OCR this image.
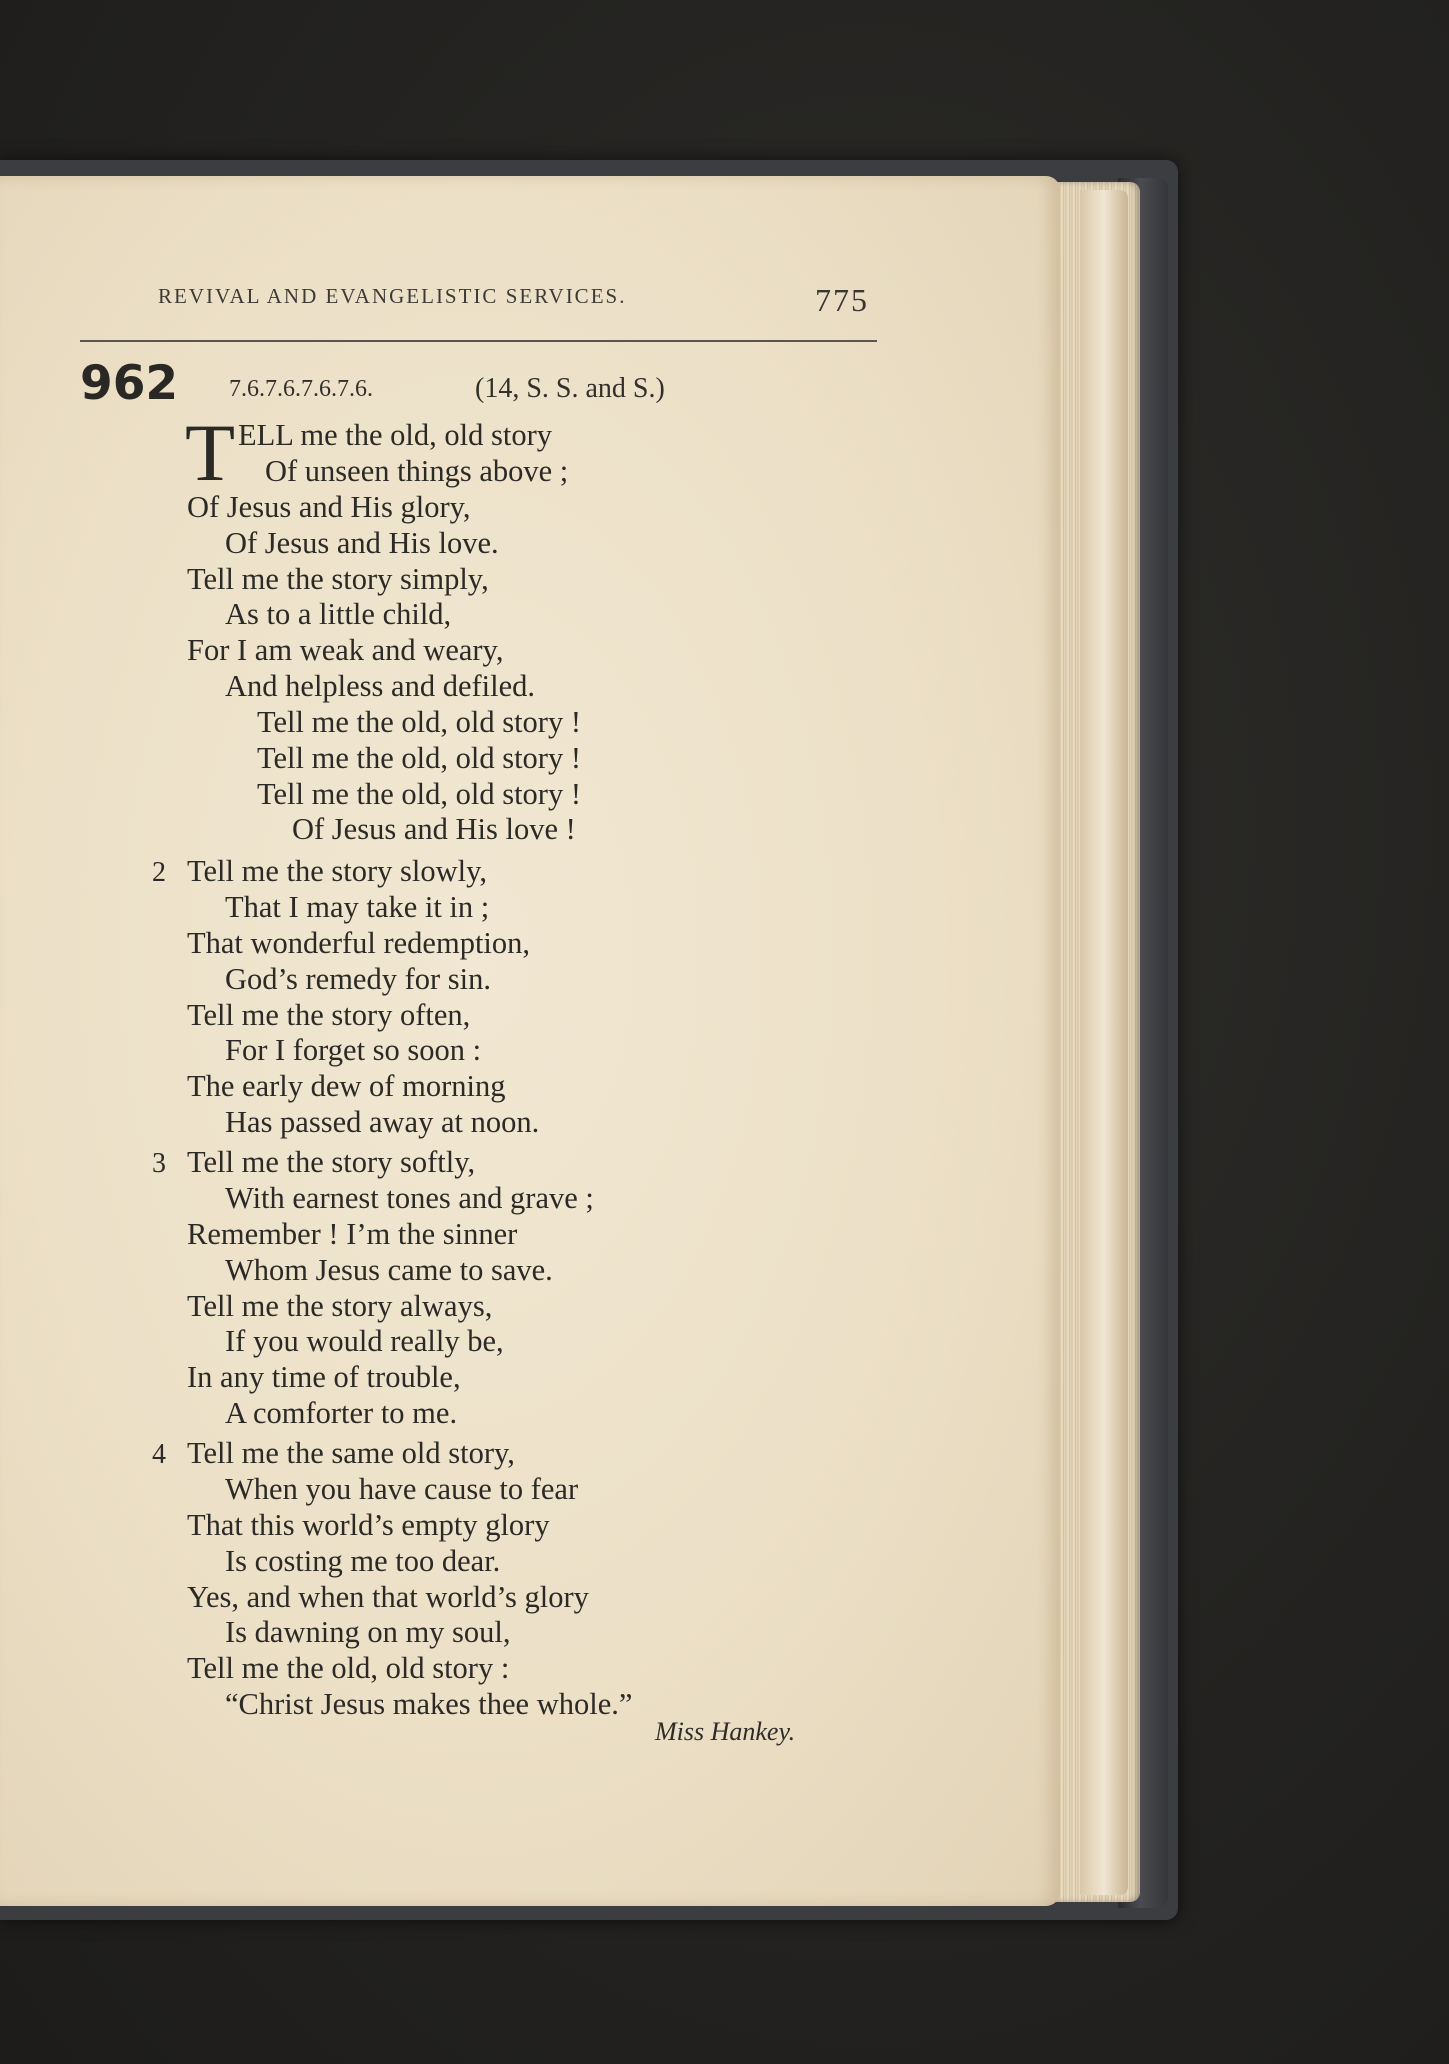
REVIVAL AND EVANGELISTIC SERVICES.	775
962 7.6.7.6.7.6.7.6.	(14, S. S. and S.)
T ELL me the old, old story
Of unseen things above ;
Of Jesus and His glory,
Of Jesus and His love.
Tell me the story simply,
As to a little child,
For I am weak and weary,
And helpless and defiled.
Tell me the old, old story !
Tell me the old, old story !
Tell me the old, old story !
Of Jesus and His love !
2 Tell me the story slowly,
That I may take it in ;
That wonderful redemption,
God’s remedy for sin.
Tell me the story often,
For I forget so soon :
The early dew of morning
Has passed away at noon.
3 Tell me the story softly,
With earnest tones and grave ;
Remember ! I’m the sinner
Whom Jesus came to save.
Tell me the story always,
If you would really be,
In any time of trouble,
A comforter to me.
4 Tell me the same old story,
When you have cause to fear
That this world’s empty glory
Is costing me too dear.
Yes, and when that world’s glory
Is dawning on my soul,
Tell me the old, old story :
“Christ Jesus makes thee whole.”
Miss Hankey.
